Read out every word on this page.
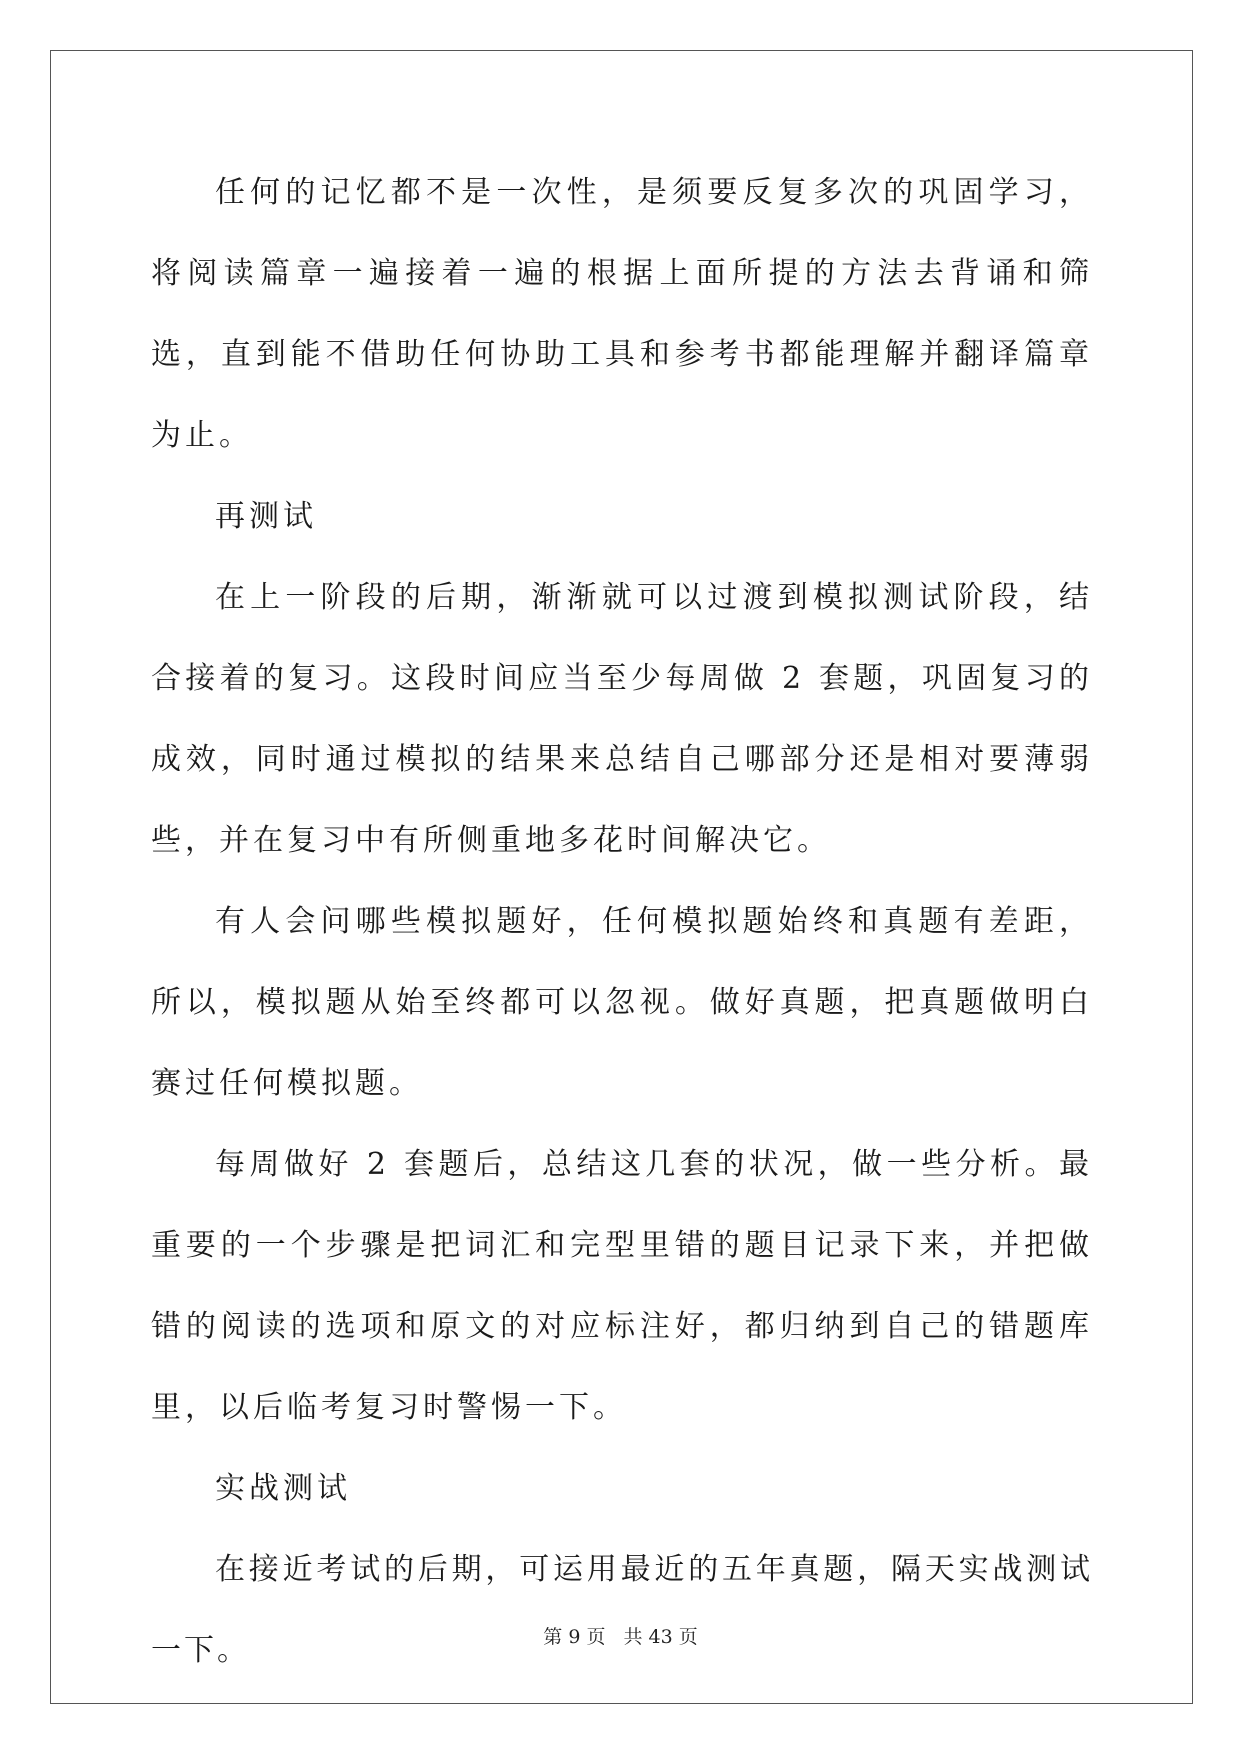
任何的记忆都不是一次性，是须要反复多次的巩固学习，将阅读篇章一遍接着一遍的根据上面所提的方法去背诵和筛选，直到能不借助任何协助工具和参考书都能理解并翻译篇章为止。

再测试

在上一阶段的后期，渐渐就可以过渡到模拟测试阶段，结合接着的复习。这段时间应当至少每周做 2 套题，巩固复习的成效，同时通过模拟的结果来总结自己哪部分还是相对要薄弱些，并在复习中有所侧重地多花时间解决它。

有人会问哪些模拟题好，任何模拟题始终和真题有差距，所以，模拟题从始至终都可以忽视。做好真题，把真题做明白赛过任何模拟题。

每周做好 2 套题后，总结这几套的状况，做一些分析。最重要的一个步骤是把词汇和完型里错的题目记录下来，并把做错的阅读的选项和原文的对应标注好，都归纳到自己的错题库里，以后临考复习时警惕一下。

实战测试

在接近考试的后期，可运用最近的五年真题，隔天实战测试一下。	第 9 页 共 43 页
